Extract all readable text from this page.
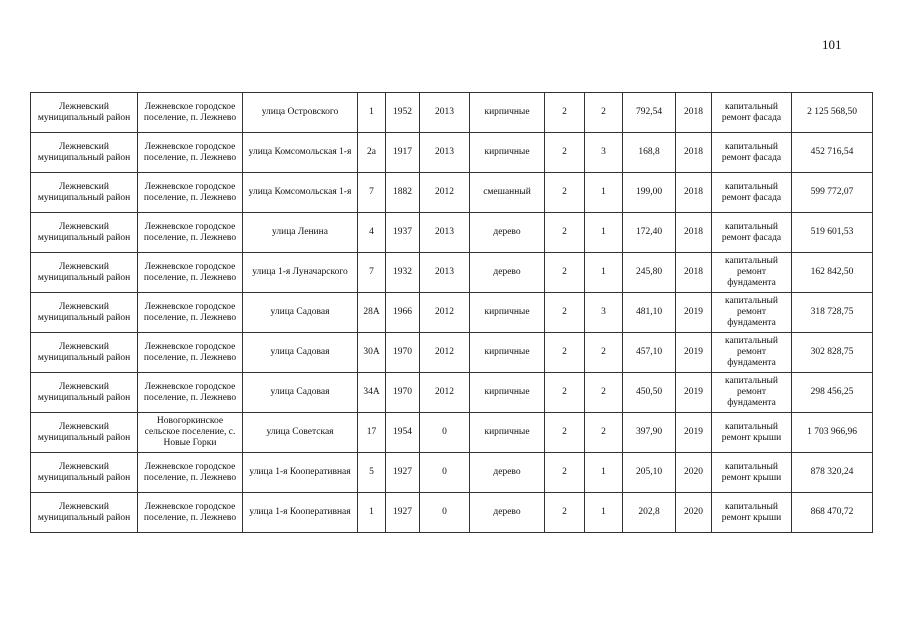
101
Лежневский муниципальный район	Лежневское городское поселение, п. Лежнево	улица Островского	1	1952	2013	кирпичные	2	2	792,54	2018	капитальный ремонт фасада	2 125 568,50
Лежневский муниципальный район	Лежневское городское поселение, п. Лежнево	улица Комсомольская 1-я	2а	1917	2013	кирпичные	2	3	168,8	2018	капитальный ремонт фасада	452 716,54
Лежневский муниципальный район	Лежневское городское поселение, п. Лежнево	улица Комсомольская 1-я	7	1882	2012	смешанный	2	1	199,00	2018	капитальный ремонт фасада	599 772,07
Лежневский муниципальный район	Лежневское городское поселение, п. Лежнево	улица Ленина	4	1937	2013	дерево	2	1	172,40	2018	капитальный ремонт фасада	519 601,53
Лежневский муниципальный район	Лежневское городское поселение, п. Лежнево	улица 1-я Луначарского	7	1932	2013	дерево	2	1	245,80	2018	капитальный ремонт фундамента	162 842,50
Лежневский муниципальный район	Лежневское городское поселение, п. Лежнево	улица Садовая	28А	1966	2012	кирпичные	2	3	481,10	2019	капитальный ремонт фундамента	318 728,75
Лежневский муниципальный район	Лежневское городское поселение, п. Лежнево	улица Садовая	30А	1970	2012	кирпичные	2	2	457,10	2019	капитальный ремонт фундамента	302 828,75
Лежневский муниципальный район	Лежневское городское поселение, п. Лежнево	улица Садовая	34А	1970	2012	кирпичные	2	2	450,50	2019	капитальный ремонт фундамента	298 456,25
Лежневский муниципальный район	Новогоркинское сельское поселение, с. Новые Горки	улица Советская	17	1954	0	кирпичные	2	2	397,90	2019	капитальный ремонт крыши	1 703 966,96
Лежневский муниципальный район	Лежневское городское поселение, п. Лежнево	улица 1-я Кооперативная	5	1927	0	дерево	2	1	205,10	2020	капитальный ремонт крыши	878 320,24
Лежневский муниципальный район	Лежневское городское поселение, п. Лежнево	улица 1-я Кооперативная	1	1927	0	дерево	2	1	202,8	2020	капитальный ремонт крыши	868 470,72
